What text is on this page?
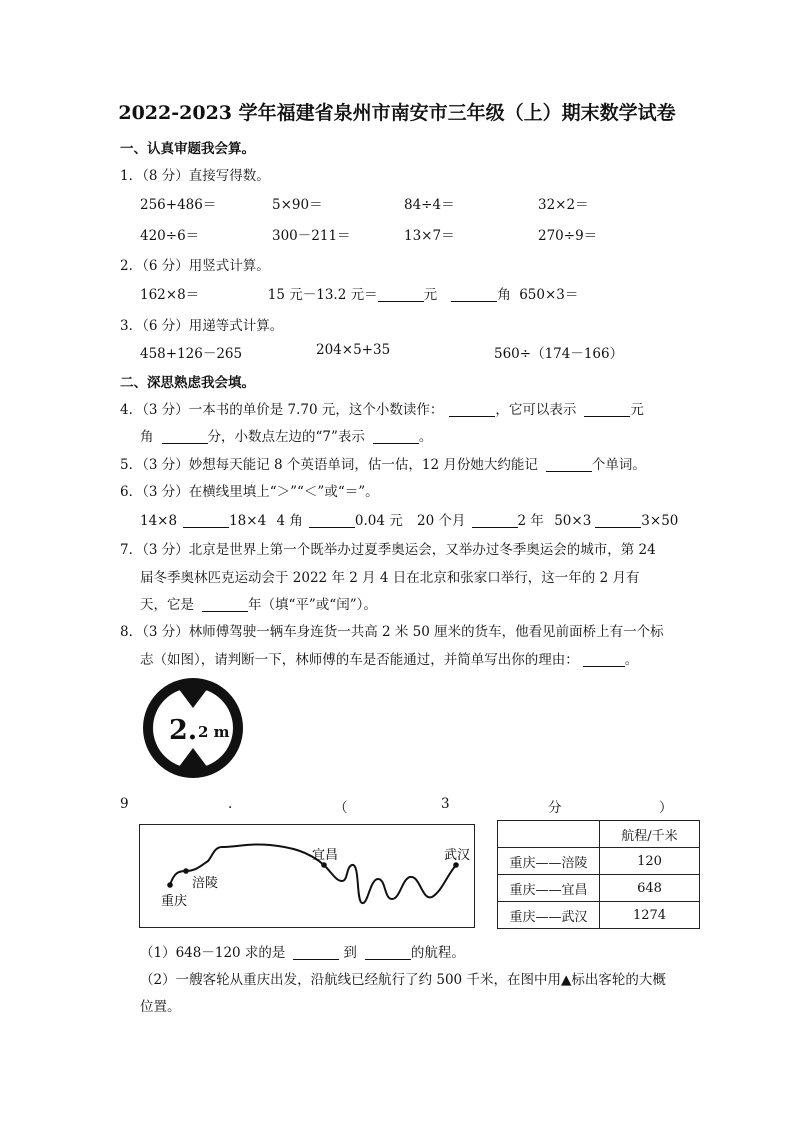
2022-2023 学年福建省泉州市南安市三年级（上）期末数学试卷
一、认真审题我会算。
1．（8 分）直接写得数。
256+486＝	5×90＝	84÷4＝	32×2＝
420÷6＝	300－211＝	13×7＝	270÷9＝
2．（6 分）用竖式计算。
162×8＝	15 元－13.2 元＝	元	角 650×3＝
3．（6 分）用递等式计算。
458+126－265	204×5+35	560÷（174－166）
二、深思熟虑我会填。
4．（3 分）一本书的单价是 7.70 元，这个小数读作：	，它可以表示	元
角	分，小数点左边的“7”表示	。
5．（3 分）妙想每天能记 8 个英语单词，估一估，12 月份她大约能记	个单词。
6．（3 分）在横线里填上“＞”“＜”或“＝”。
14×8	18×4 4 角	0.04 元 20 个月	2 年 50×3	3×50
7．（3 分）北京是世界上第一个既举办过夏季奥运会，又举办过冬季奥运会的城市，第 24
届冬季奥林匹克运动会于 2022 年 2 月 4 日在北京和张家口举行，这一年的 2 月有
天，它是	年（填“平”或“闰”）。
8．（3 分）林师傅驾驶一辆车身连货一共高 2 米 50 厘米的货车，他看见前面桥上有一个标
志（如图），请判断一下，林师傅的车是否能通过，并简单写出你的理由：	。
2. 2 m
9	.	（	3	分	）
重庆
涪陵
宜昌	武汉
	航程/千米
重庆——涪陵	120
重庆——宜昌	648
重庆——武汉	1274
（1）648－120 求的是	到	的航程。
（2）一艘客轮从重庆出发，沿航线已经航行了约 500 千米，在图中用▲标出客轮的大概
位置。
